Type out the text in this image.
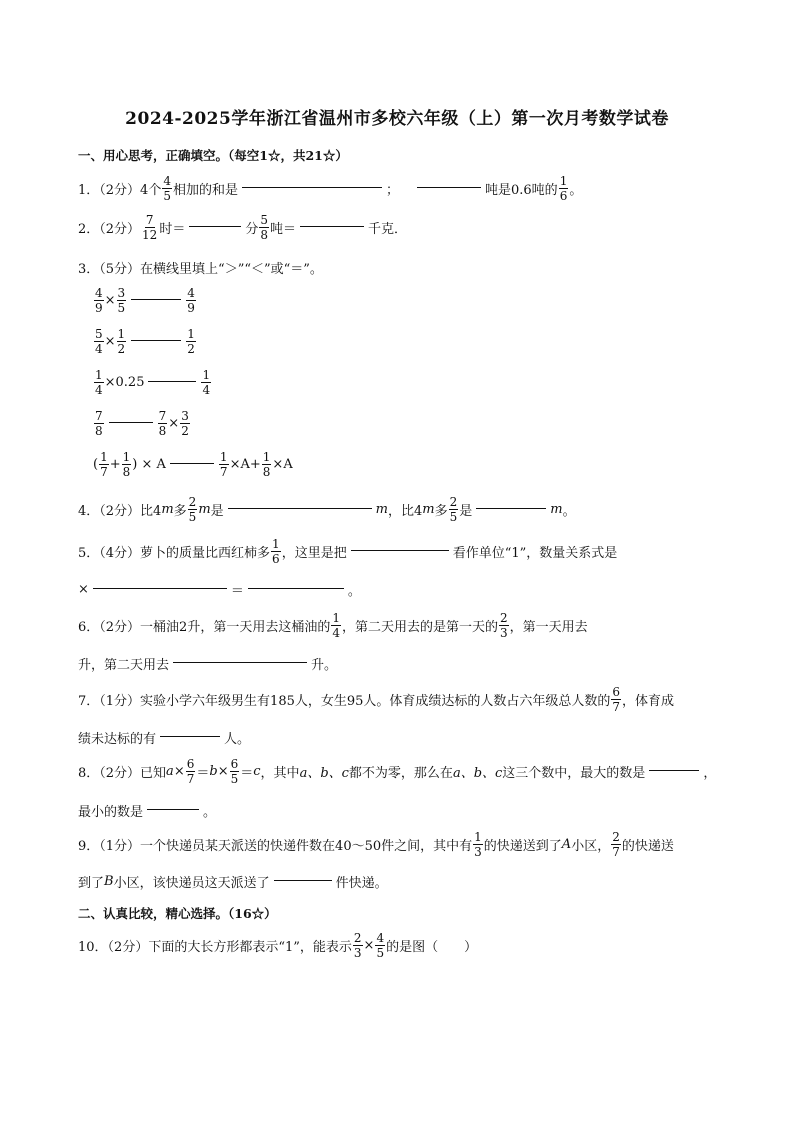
2024-2025学年浙江省温州市多校六年级（上）第一次月考数学试卷
一、用心思考，正确填空。（每空1☆，共21☆）
1．（2分）4个 $\frac{4}{5}$ 相加的和是	；	吨是0.6吨的 $\frac{1}{6}$ 。
2．（2分） $\frac{7}{12}$ 时＝	分 $\frac{5}{8}$ 吨＝	千克．
3．（5分）在横线里填上“＞”“＜”或“＝”。
$\frac{4}{9} \times \frac{3}{5}$	$\frac{4}{9}$
$\frac{5}{4} \times \frac{1}{2}$	$\frac{1}{2}$
$\frac{1}{4} \times 0.25$	$\frac{1}{4}$
$\frac{7}{8}$	$\frac{7}{8} \times \frac{3}{2}$
( $\frac{1}{7} + \frac{1}{8}$ )
×
A	$\frac{1}{7} \times A + \frac{1}{8} \times A$
4．（2分）比4 m 多 $\frac{2}{5}$ m 是	m ，比4 m 多 $\frac{2}{5}$ 是	m 。
5．（4分）萝卜的质量比西红柿多 $\frac{1}{6}$ ，这里是把	看作单位“1”，数量关系式是
×	＝	。
6．（2分）一桶油2升，第一天用去这桶油的 $\frac{1}{4}$ ，第二天用去的是第一天的 $\frac{2}{3}$ ，第一天用去
升，第二天用去	升。
7．（1分）实验小学六年级男生有185人，女生95人。体育成绩达标的人数占六年级总人数的 $\frac{6}{7}$ ，体育成
绩未达标的有	人。
8．（2分）已知 $a \times \frac{6}{7} = b \times \frac{6}{5} = c$ ，其中 a、b、c 都不为零，那么在 a、b、c 这三个数中，最大的数是	，
最小的数是	。
9．（1分）一个快递员某天派送的快递件数在40～50件之间，其中有 $\frac{1}{3}$ 的快递送到了 A 小区， $\frac{2}{7}$ 的快递送
到了 B 小区，该快递员这天派送了	件快递。
二、认真比较，精心选择。（16☆）
10．（2分）下面的大长方形都表示“1”，能表示 $\frac{2}{3} \times \frac{4}{5}$ 的是图（　　）
